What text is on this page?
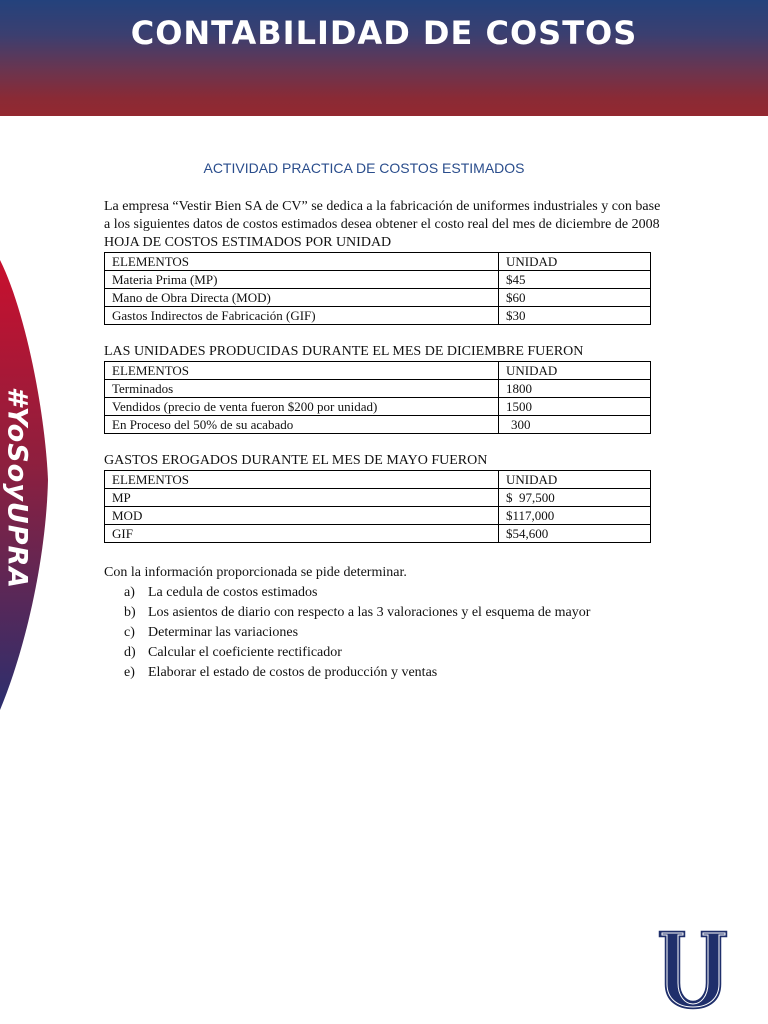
CONTABILIDAD DE COSTOS
#YoSoyUPRA
ACTIVIDAD PRACTICA DE COSTOS ESTIMADOS

La empresa “Vestir Bien SA de CV” se dedica a la fabricación de uniformes industriales y con base a los siguientes datos de costos estimados desea obtener el costo real del mes de diciembre de 2008

HOJA DE COSTOS ESTIMADOS POR UNIDAD
ELEMENTOS	UNIDAD
Materia Prima (MP)	$45
Mano de Obra Directa (MOD)	$60
Gastos Indirectos de Fabricación (GIF)	$30
LAS UNIDADES PRODUCIDAS DURANTE EL MES DE DICIEMBRE FUERON
ELEMENTOS	UNIDAD
Terminados	1800
Vendidos (precio de venta fueron $200 por unidad)	1500
En Proceso del 50% de su acabado	300
GASTOS EROGADOS DURANTE EL MES DE MAYO FUERON
ELEMENTOS	UNIDAD
MP	$  97,500
MOD	$117,000
GIF	$54,600

Con la información proporcionada se pide determinar.

a) La cedula de costos estimados
b) Los asientos de diario con respecto a las 3 valoraciones y el esquema de mayor
c) Determinar las variaciones
d) Calcular el coeficiente rectificador
e) Elaborar el estado de costos de producción y ventas
